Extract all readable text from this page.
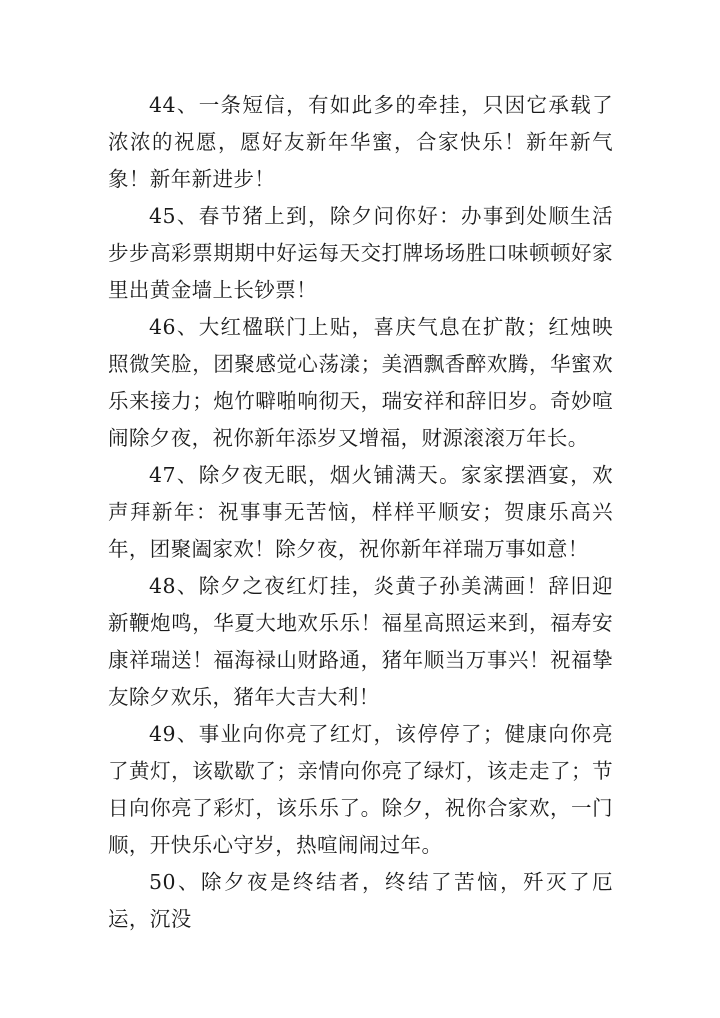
44、一条短信，有如此多的牵挂，只因它承载了浓浓的祝愿，愿好友新年华蜜，合家快乐！新年新气象！新年新进步！

45、春节猪上到，除夕问你好：办事到处顺生活步步高彩票期期中好运每天交打牌场场胜口味顿顿好家里出黄金墙上长钞票！

46、大红楹联门上贴，喜庆气息在扩散；红烛映照微笑脸，团聚感觉心荡漾；美酒飘香醉欢腾，华蜜欢乐来接力；炮竹噼啪响彻天，瑞安祥和辞旧岁。奇妙喧闹除夕夜，祝你新年添岁又增福，财源滚滚万年长。

47、除夕夜无眠，烟火铺满天。家家摆酒宴，欢声拜新年：祝事事无苦恼，样样平顺安；贺康乐高兴年，团聚阖家欢！除夕夜，祝你新年祥瑞万事如意！

48、除夕之夜红灯挂，炎黄子孙美满画！辞旧迎新鞭炮鸣，华夏大地欢乐乐！福星高照运来到，福寿安康祥瑞送！福海禄山财路通，猪年顺当万事兴！祝福挚友除夕欢乐，猪年大吉大利！

49、事业向你亮了红灯，该停停了；健康向你亮了黄灯，该歇歇了；亲情向你亮了绿灯，该走走了；节日向你亮了彩灯，该乐乐了。除夕，祝你合家欢，一门顺，开快乐心守岁，热喧闹闹过年。

50、除夕夜是终结者，终结了苦恼，歼灭了厄运，沉没
